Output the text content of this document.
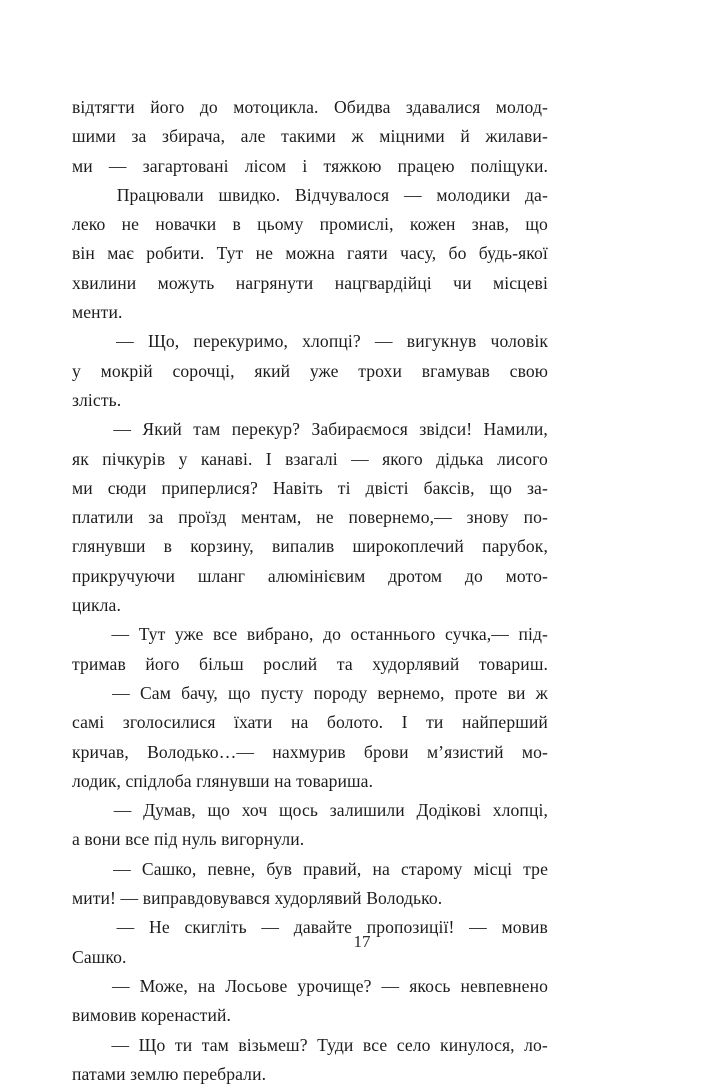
відтягти його до мотоцикла. Обидва здавалися молод-
шими за збирача, але такими ж міцними й жилави-
ми — загартовані лісом і тяжкою працею поліщуки.
Працювали швидко. Відчувалося — молодики да-
леко не новачки в цьому промислі, кожен знав, що
він має робити. Тут не можна гаяти часу, бо будь-якої
хвилини можуть нагрянути нацгвардійці чи місцеві
менти.
— Що, перекуримо, хлопці? — вигукнув чоловік
у мокрій сорочці, який уже трохи вгамував свою
злість.
— Який там перекур? Забираємося звідси! Намили,
як пічкурів у канаві. І взагалі — якого дідька лисого
ми сюди приперлися? Навіть ті двісті баксів, що за-
платили за проїзд ментам, не повернемо,— знову по-
глянувши в корзину, випалив широкоплечий парубок,
прикручуючи шланг алюмінієвим дротом до мото-
цикла.
— Тут уже все вибрано, до останнього сучка,— під-
тримав його більш рослий та худорлявий товариш.
— Сам бачу, що пусту породу вернемо, проте ви ж
самі зголосилися їхати на болото. І ти найперший
кричав, Володько…— нахмурив брови м’язистий мо-
лодик, спідлоба глянувши на товариша.
— Думав, що хоч щось залишили Додікові хлопці,
а вони все під нуль вигорнули.
— Сашко, певне, був правий, на старому місці тре
мити! — виправдовувався худорлявий Володько.
— Не скигліть — давайте пропозиції! — мовив
Сашко.
— Може, на Лосьове урочище? — якось невпевнено
вимовив коренастий.
— Що ти там візьмеш? Туди все село кинулося, ло-
патами землю перебрали.
17
